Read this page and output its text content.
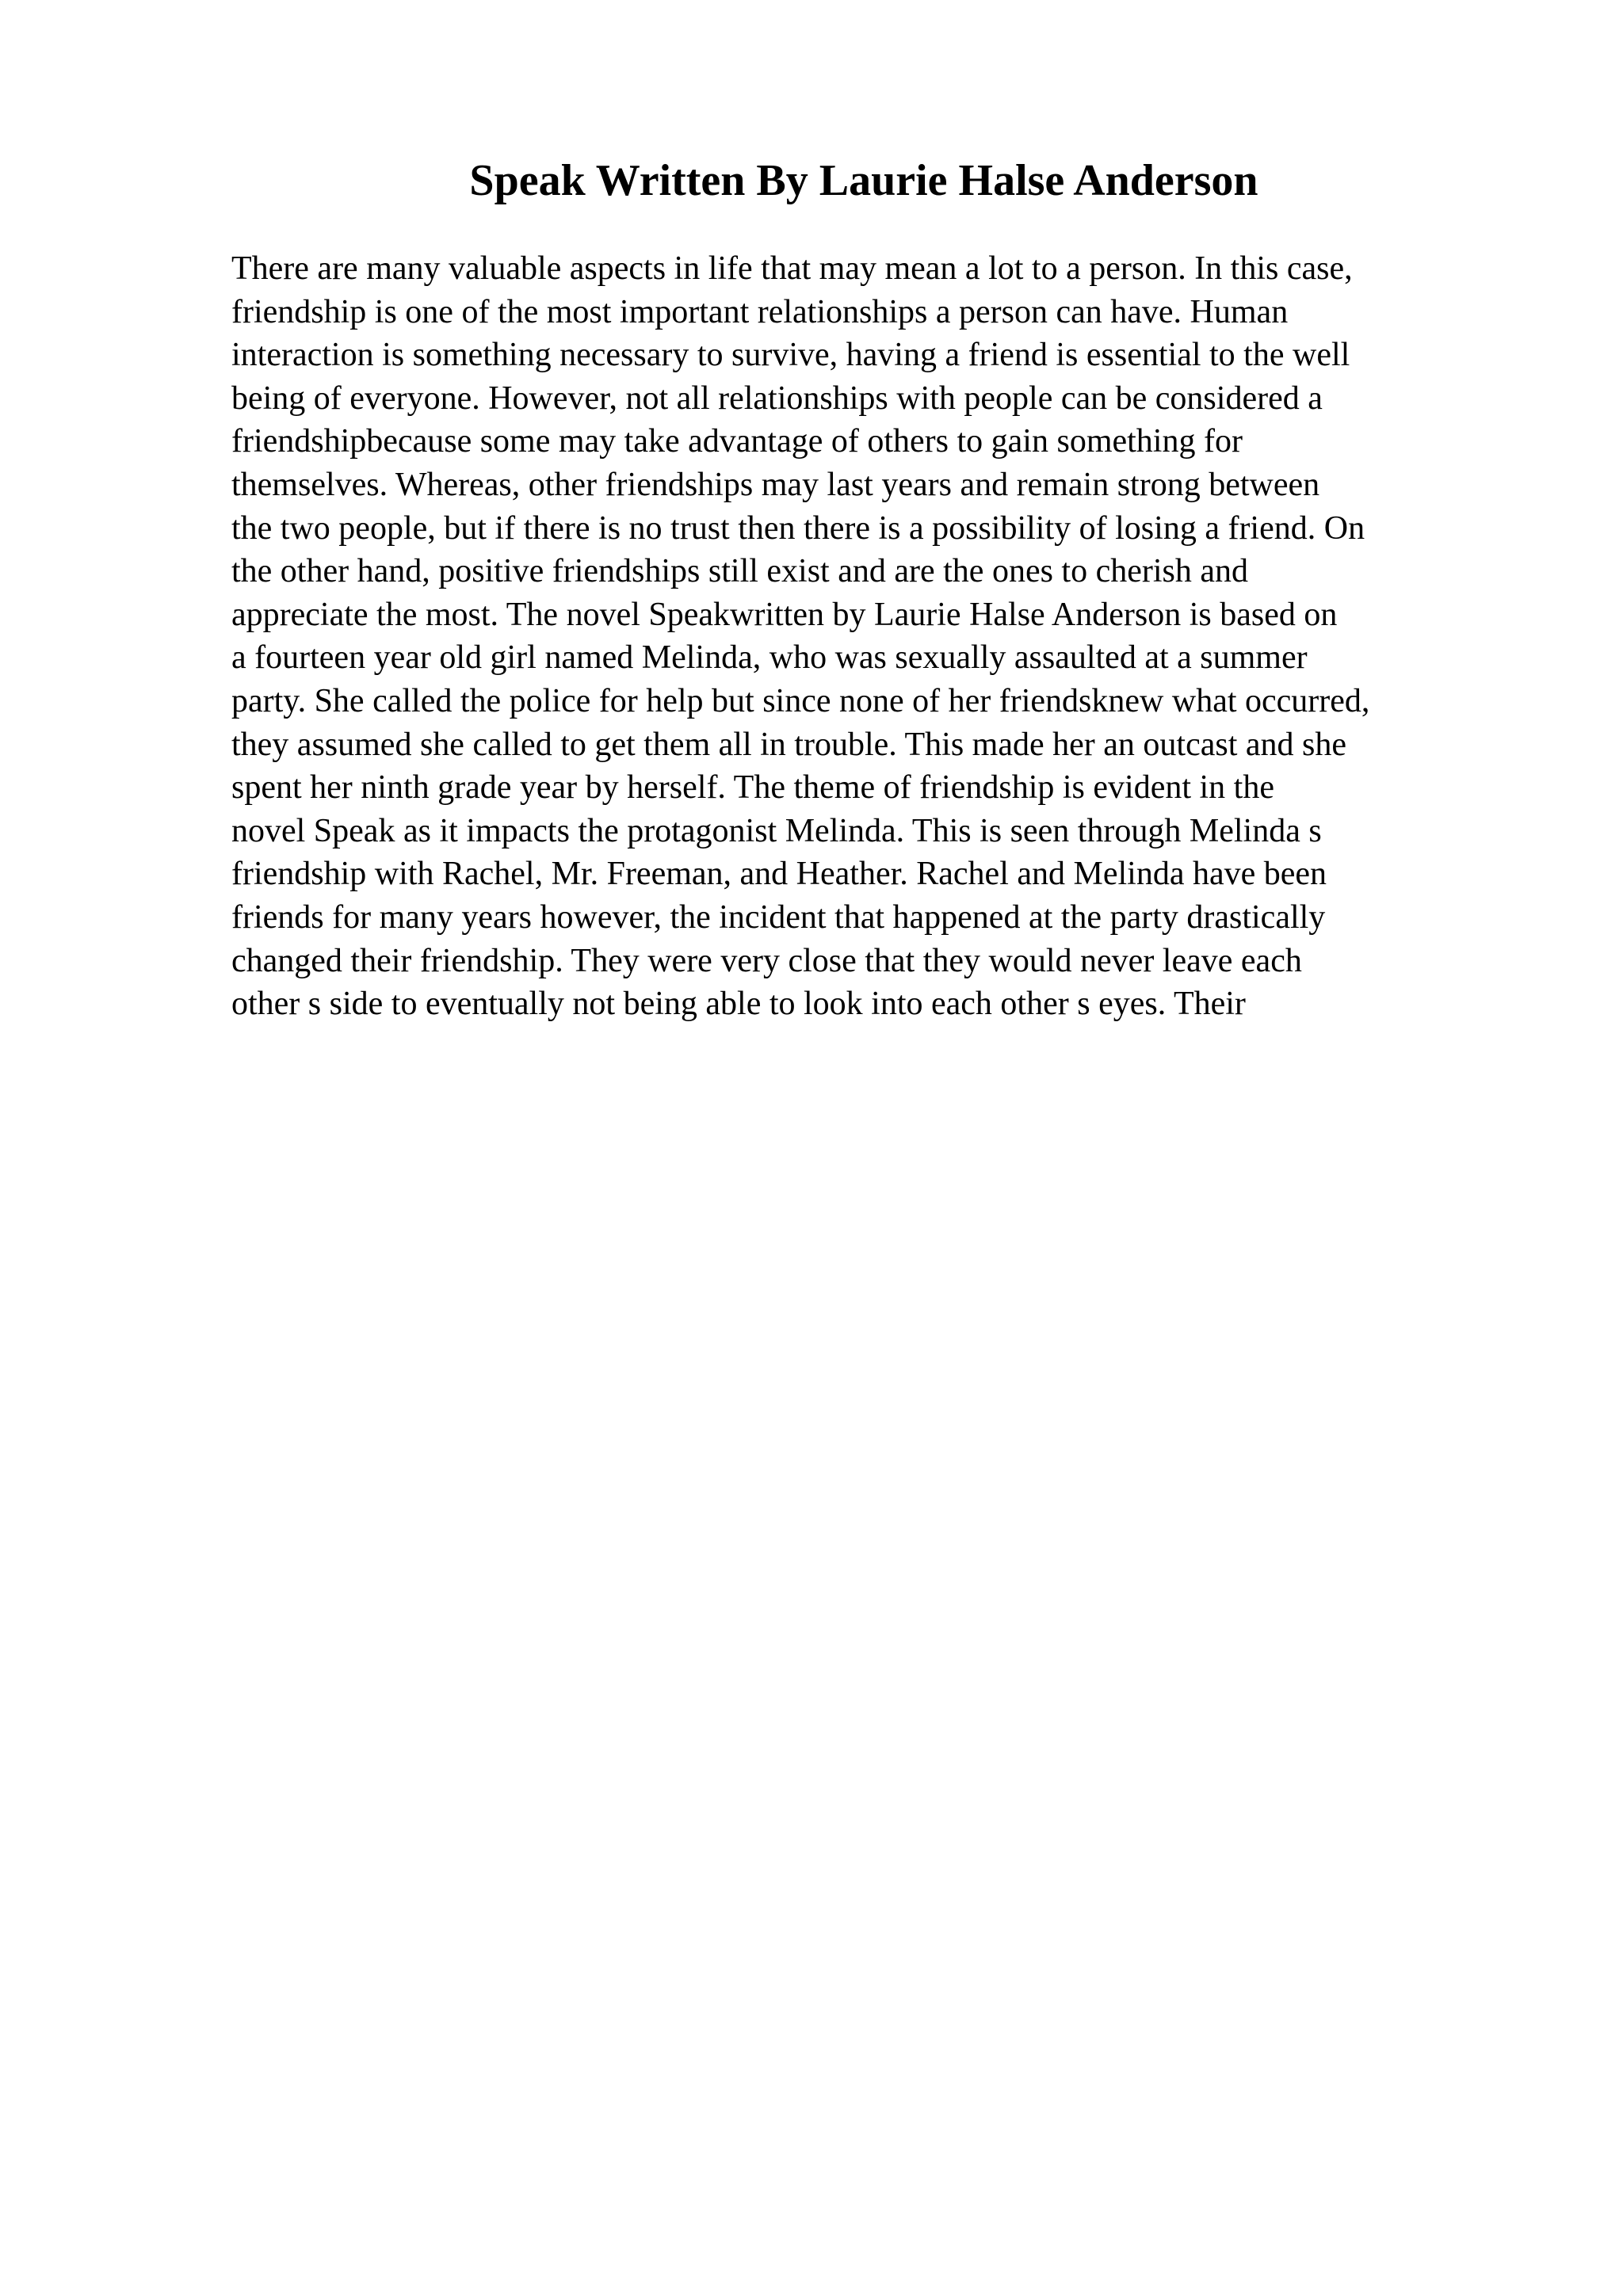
Speak Written By Laurie Halse Anderson
There are many valuable aspects in life that may mean a lot to a person. In this case,
friendship is one of the most important relationships a person can have. Human
interaction is something necessary to survive, having a friend is essential to the well
being of everyone. However, not all relationships with people can be considered a
friendshipbecause some may take advantage of others to gain something for
themselves. Whereas, other friendships may last years and remain strong between
the two people, but if there is no trust then there is a possibility of losing a friend. On
the other hand, positive friendships still exist and are the ones to cherish and
appreciate the most. The novel Speakwritten by Laurie Halse Anderson is based on
a fourteen year old girl named Melinda, who was sexually assaulted at a summer
party. She called the police for help but since none of her friendsknew what occurred,
they assumed she called to get them all in trouble. This made her an outcast and she
spent her ninth grade year by herself. The theme of friendship is evident in the
novel Speak as it impacts the protagonist Melinda. This is seen through Melinda s
friendship with Rachel, Mr. Freeman, and Heather. Rachel and Melinda have been
friends for many years however, the incident that happened at the party drastically
changed their friendship. They were very close that they would never leave each
other s side to eventually not being able to look into each other s eyes. Their
